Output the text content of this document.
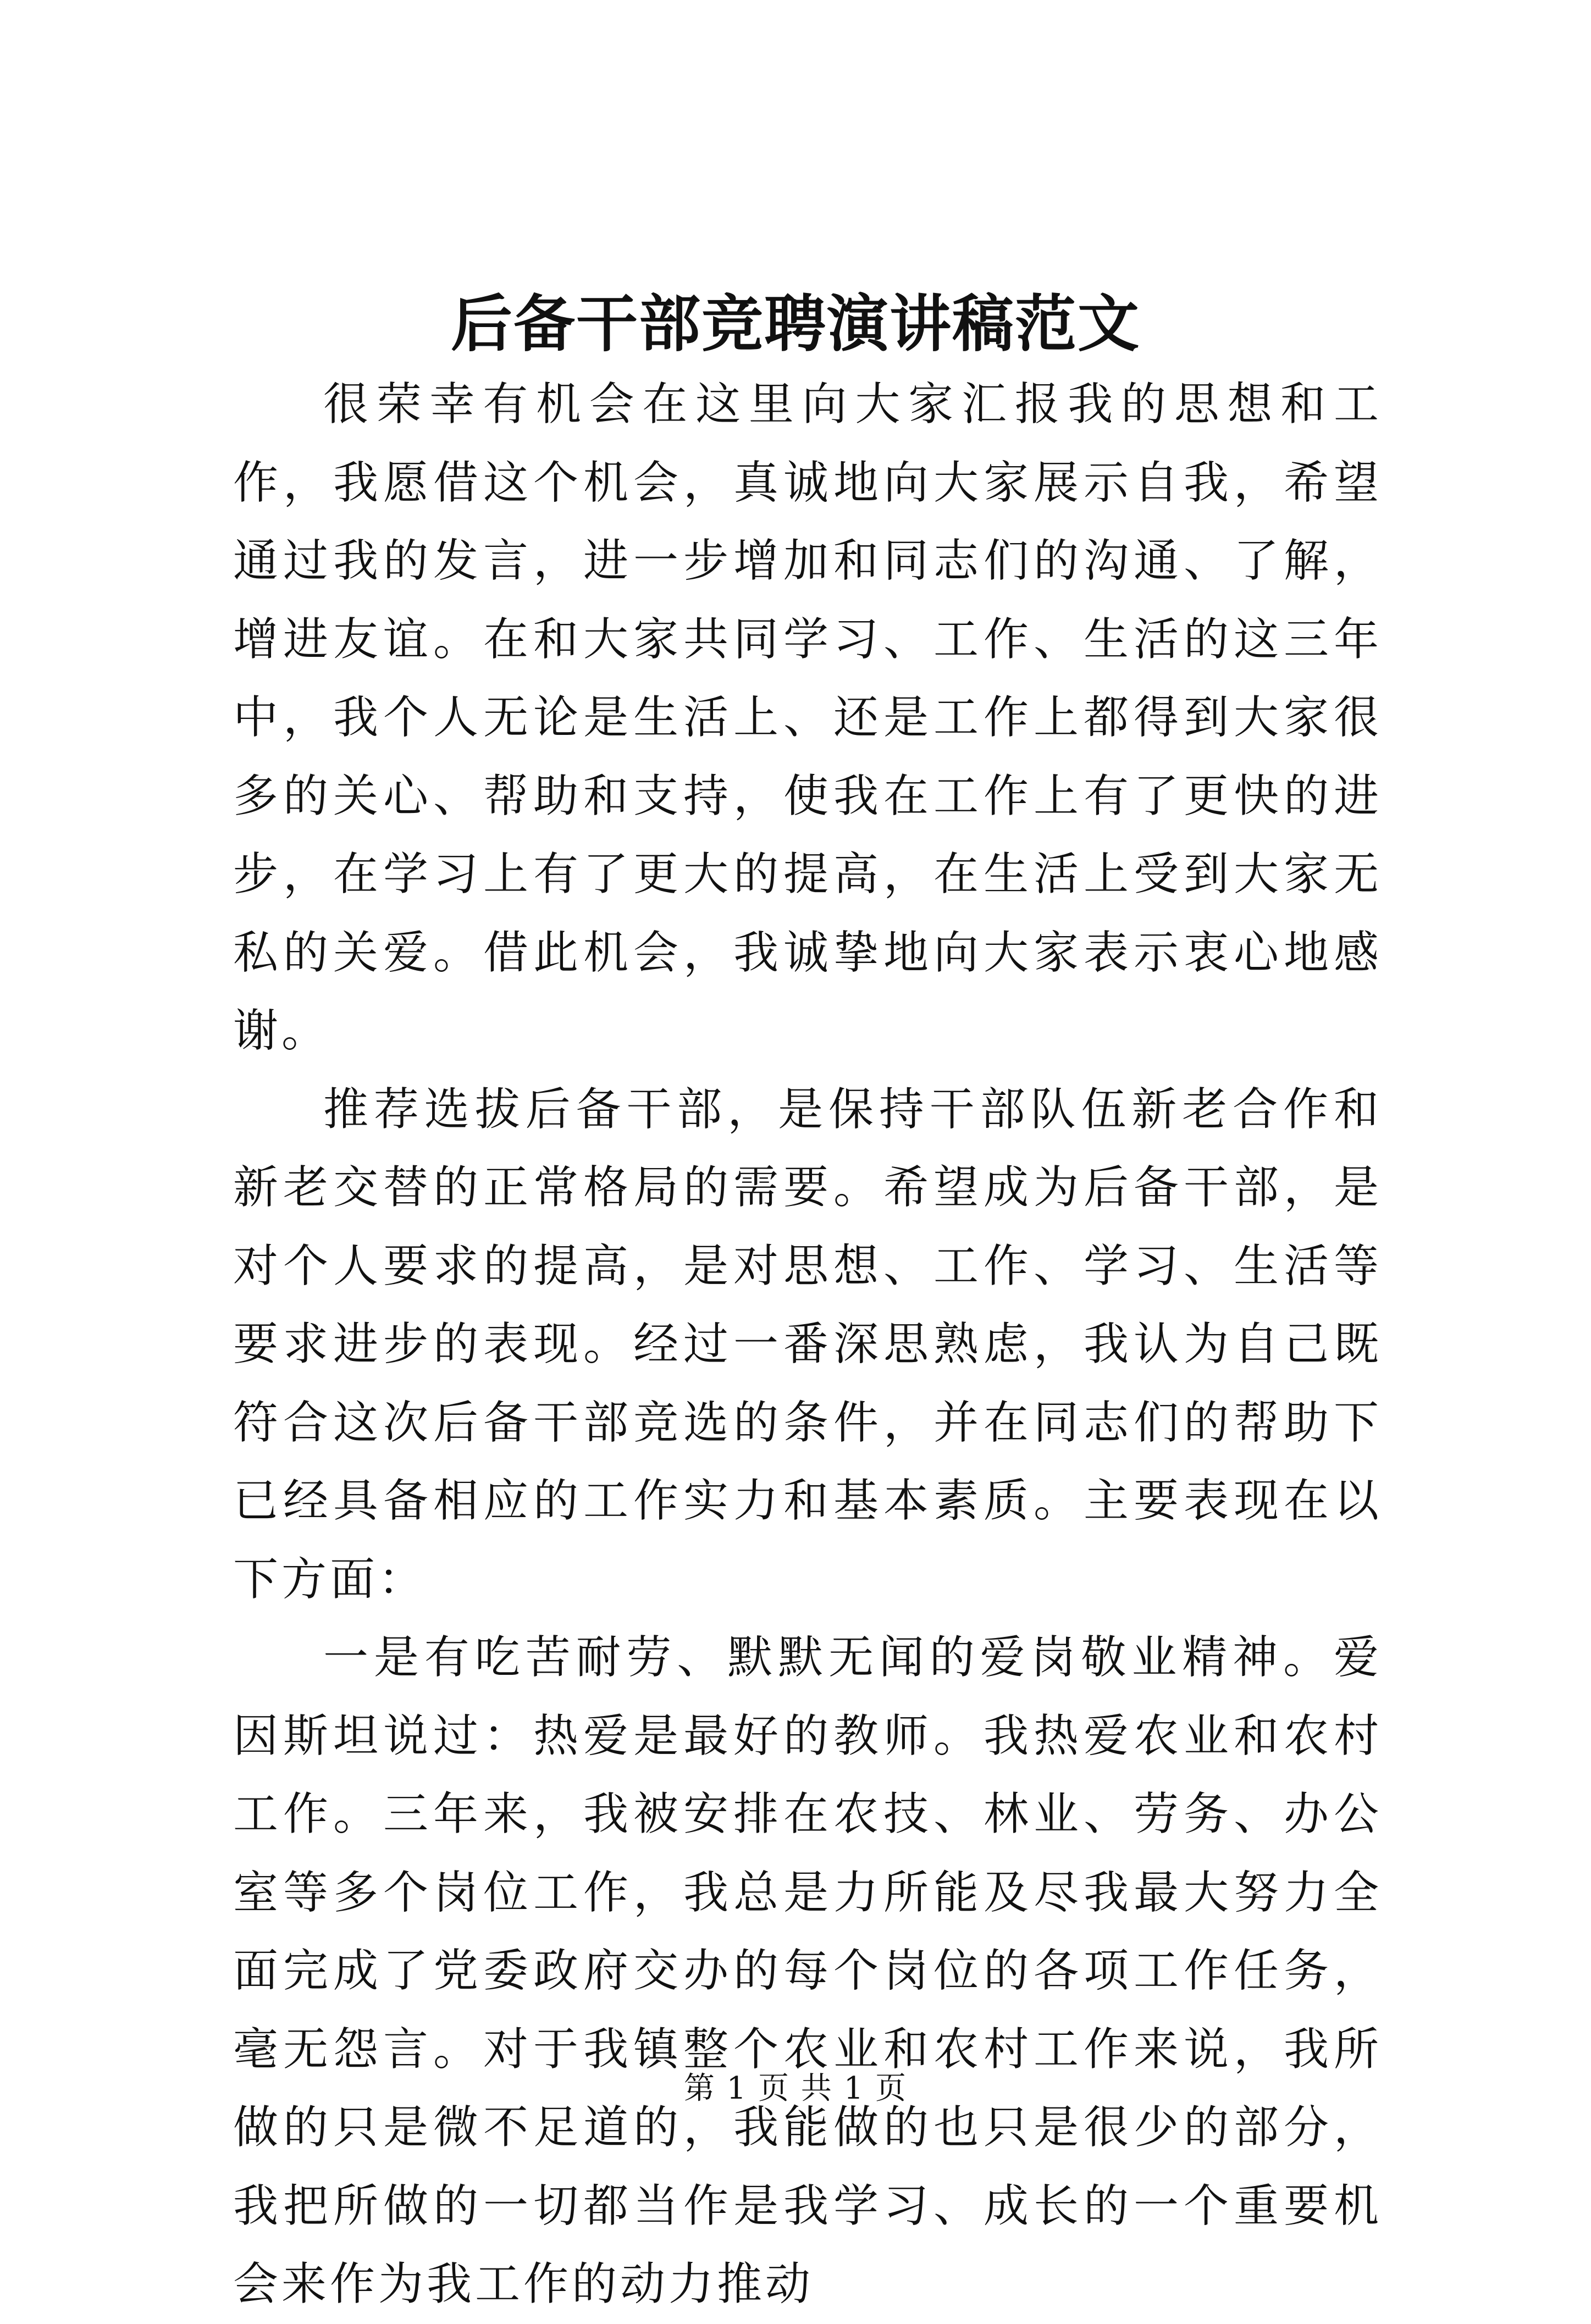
后备干部竞聘演讲稿范文

很荣幸有机会在这里向大家汇报我的思想和工作，我愿借这个机会，真诚地向大家展示自我，希望通过我的发言，进一步增加和同志们的沟通、了解，增进友谊。在和大家共同学习、工作、生活的这三年中，我个人无论是生活上、还是工作上都得到大家很多的关心、帮助和支持，使我在工作上有了更快的进步，在学习上有了更大的提高，在生活上受到大家无私的关爱。借此机会，我诚挚地向大家表示衷心地感谢。

推荐选拔后备干部，是保持干部队伍新老合作和新老交替的正常格局的需要。希望成为后备干部，是对个人要求的提高，是对思想、工作、学习、生活等要求进步的表现。经过一番深思熟虑，我认为自己既符合这次后备干部竞选的条件，并在同志们的帮助下已经具备相应的工作实力和基本素质。主要表现在以下方面：

一是有吃苦耐劳、默默无闻的爱岗敬业精神。爱因斯坦说过：热爱是最好的教师。我热爱农业和农村工作。三年来，我被安排在农技、林业、劳务、办公室等多个岗位工作，我总是力所能及尽我最大努力全面完成了党委政府交办的每个岗位的各项工作任务，毫无怨言。对于我镇整个农业和农村工作来说，我所做的只是微不足道的，我能做的也只是很少的部分，我把所做的一切都当作是我学习、成长的一个重要机会来作为我工作的动力推动

第 1 页 共 1 页
